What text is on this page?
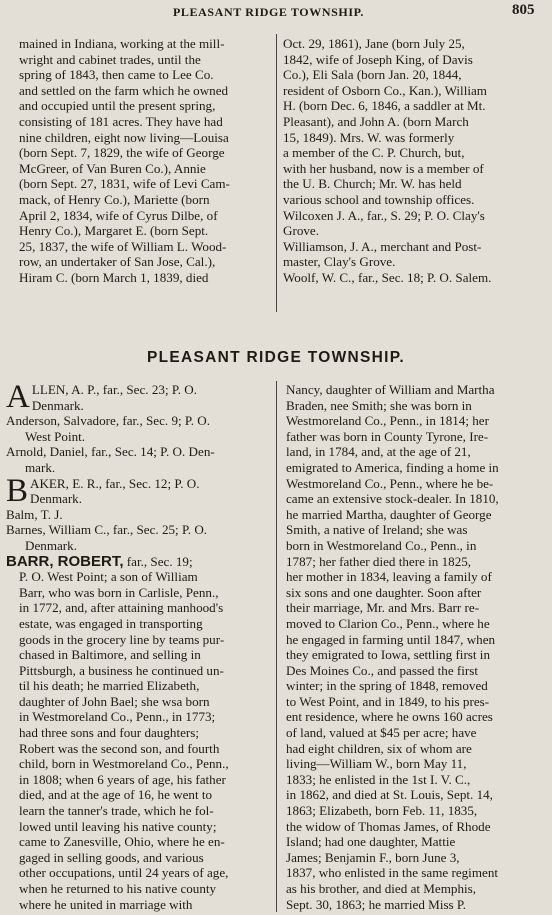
PLEASANT RIDGE TOWNSHIP.	805
mained in Indiana, working at the mill-
wright and cabinet trades, until the
spring of 1843, then came to Lee Co.
and settled on the farm which he owned
and occupied until the present spring,
consisting of 181 acres. They have had
nine children, eight now living—Louisa
(born Sept. 7, 1829, the wife of George
McGreer, of Van Buren Co.), Annie
(born Sept. 27, 1831, wife of Levi Cam-
mack, of Henry Co.), Mariette (born
April 2, 1834, wife of Cyrus Dilbe, of
Henry Co.), Margaret E. (born Sept.
25, 1837, the wife of William L. Wood-
row, an undertaker of San Jose, Cal.),
Hiram C. (born March 1, 1839, died
Oct. 29, 1861), Jane (born July 25,
1842, wife of Joseph King, of Davis
Co.), Eli Sala (born Jan. 20, 1844,
resident of Osborn Co., Kan.), William
H. (born Dec. 6, 1846, a saddler at Mt.
Pleasant), and John A. (born March
15, 1849). Mrs. W. was formerly
a member of the C. P. Church, but,
with her husband, now is a member of
the U. B. Church; Mr. W. has held
various school and township offices.
Wilcoxen J. A., far., S. 29; P. O. Clay's
Grove.
Williamson, J. A., merchant and Post-
master, Clay's Grove.
Woolf, W. C., far., Sec. 18; P. O. Salem.
PLEASANT RIDGE TOWNSHIP.
A LLEN, A. P., far., Sec. 23; P. O.
Denmark.
Anderson, Salvadore, far., Sec. 9; P. O.
West Point.
Arnold, Daniel, far., Sec. 14; P. O. Den-
mark.
B AKER, E. R., far., Sec. 12; P. O.
Denmark.
Balm, T. J.
Barnes, William C., far., Sec. 25; P. O.
Denmark.
BARR, ROBERT, far., Sec. 19;
P. O. West Point; a son of William
Barr, who was born in Carlisle, Penn.,
in 1772, and, after attaining manhood's
estate, was engaged in transporting
goods in the grocery line by teams pur-
chased in Baltimore, and selling in
Pittsburgh, a business he continued un-
til his death; he married Elizabeth,
daughter of John Bael; she wsa born
in Westmoreland Co., Penn., in 1773;
had three sons and four daughters;
Robert was the second son, and fourth
child, born in Westmoreland Co., Penn.,
in 1808; when 6 years of age, his father
died, and at the age of 16, he went to
learn the tanner's trade, which he fol-
lowed until leaving his native county;
came to Zanesville, Ohio, where he en-
gaged in selling goods, and various
other occupations, until 24 years of age,
when he returned to his native county
where he united in marriage with
Nancy, daughter of William and Martha
Braden, nee Smith; she was born in
Westmoreland Co., Penn., in 1814; her
father was born in County Tyrone, Ire-
land, in 1784, and, at the age of 21,
emigrated to America, finding a home in
Westmoreland Co., Penn., where he be-
came an extensive stock-dealer. In 1810,
he married Martha, daughter of George
Smith, a native of Ireland; she was
born in Westmoreland Co., Penn., in
1787; her father died there in 1825,
her mother in 1834, leaving a family of
six sons and one daughter. Soon after
their marriage, Mr. and Mrs. Barr re-
moved to Clarion Co., Penn., where he
he engaged in farming until 1847, when
they emigrated to Iowa, settling first in
Des Moines Co., and passed the first
winter; in the spring of 1848, removed
to West Point, and in 1849, to his pres-
ent residence, where he owns 160 acres
of land, valued at $45 per acre; have
had eight children, six of whom are
living—William W., born May 11,
1833; he enlisted in the 1st I. V. C.,
in 1862, and died at St. Louis, Sept. 14,
1863; Elizabeth, born Feb. 11, 1835,
the widow of Thomas James, of Rhode
Island; had one daughter, Mattie
James; Benjamin F., born June 3,
1837, who enlisted in the same regiment
as his brother, and died at Memphis,
Sept. 30, 1863; he married Miss P.
